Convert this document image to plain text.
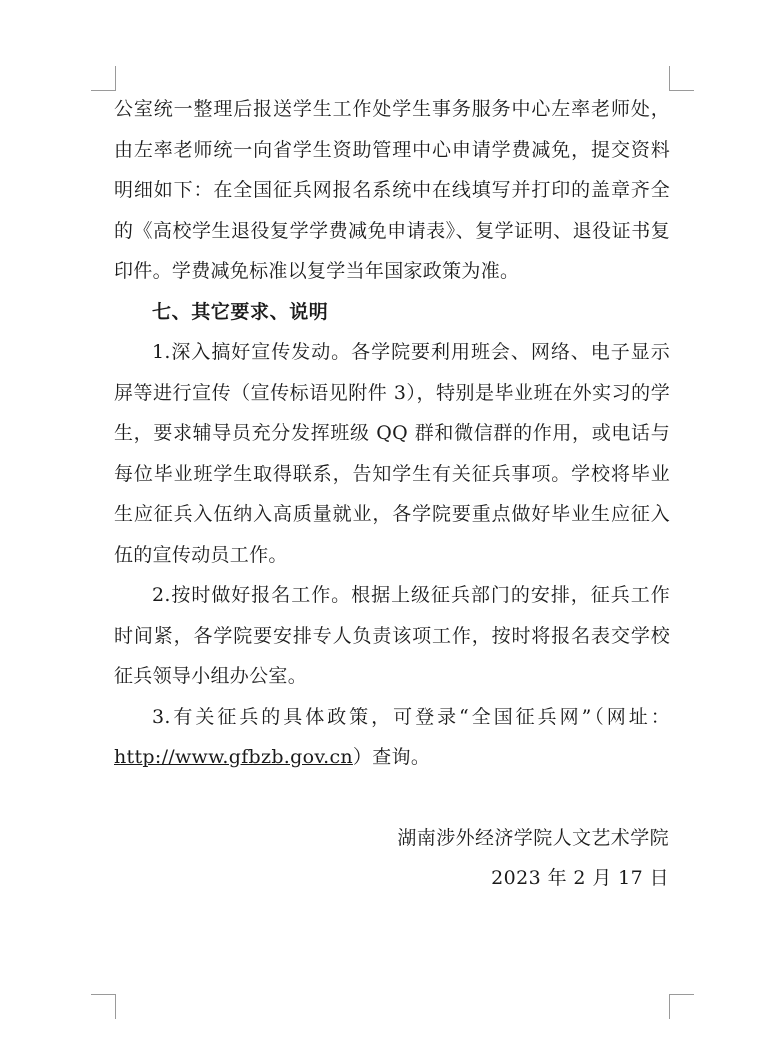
公室统一整理后报送学生工作处学生事务服务中心左率老师处，由左率老师统一向省学生资助管理中心申请学费减免，提交资料明细如下：在全国征兵网报名系统中在线填写并打印的盖章齐全的《高校学生退役复学学费减免申请表》、复学证明、退役证书复印件。学费减免标准以复学当年国家政策为准。

七、其它要求、说明

1.深入搞好宣传发动。各学院要利用班会、网络、电子显示屏等进行宣传（宣传标语见附件 3），特别是毕业班在外实习的学生，要求辅导员充分发挥班级 QQ 群和微信群的作用，或电话与每位毕业班学生取得联系，告知学生有关征兵事项。学校将毕业生应征兵入伍纳入高质量就业，各学院要重点做好毕业生应征入伍的宣传动员工作。

2.按时做好报名工作。根据上级征兵部门的安排，征兵工作时间紧，各学院要安排专人负责该项工作，按时将报名表交学校征兵领导小组办公室。

3.有关征兵的具体政策，可登录“全国征兵网”（网址：http://www.gfbzb.gov.cn）查询。

湖南涉外经济学院人文艺术学院
2023 年 2 月 17 日
